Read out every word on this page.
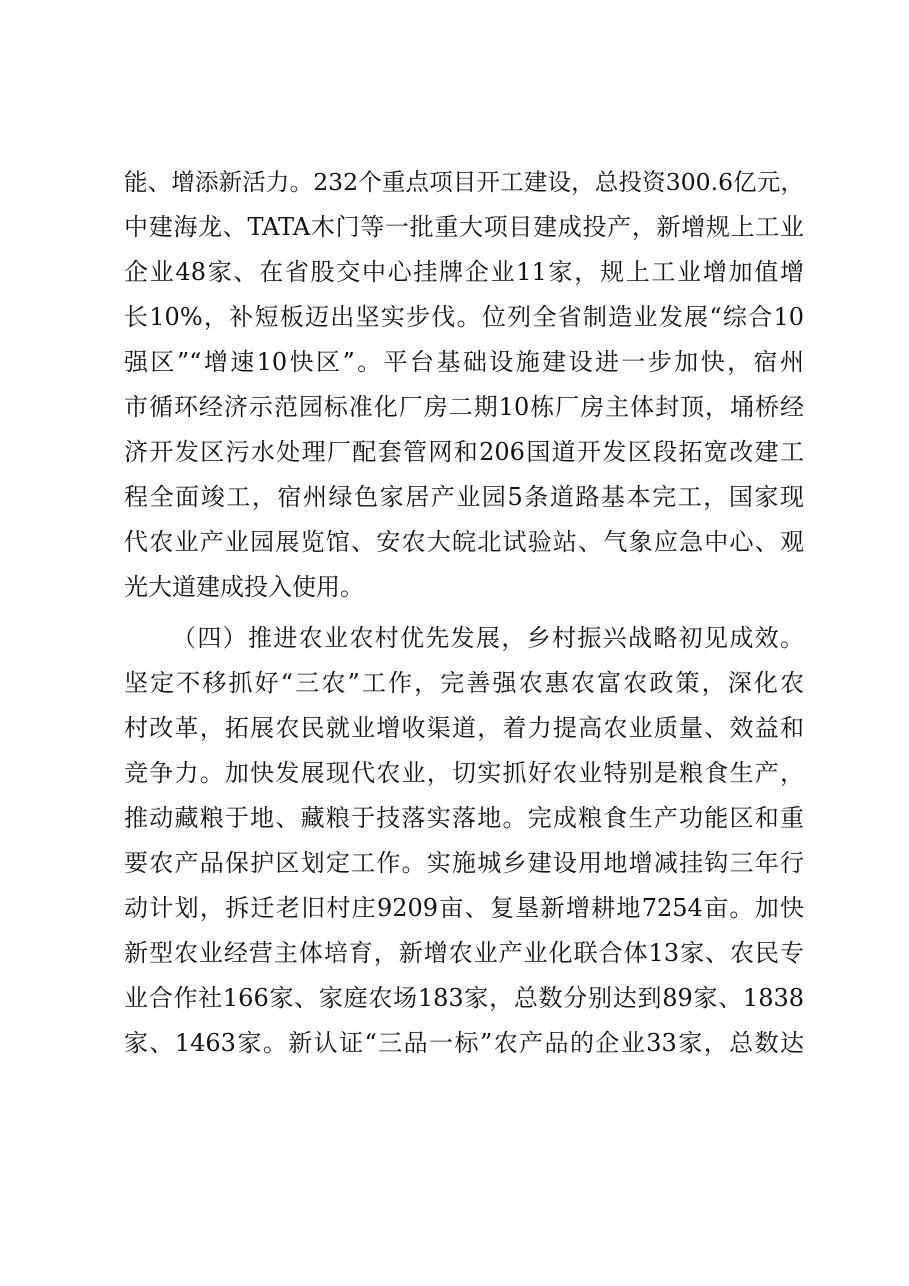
能、增添新活力。232个重点项目开工建设，总投资300.6亿元，
中建海龙、TATA木门等一批重大项目建成投产，新增规上工业
企业48家、在省股交中心挂牌企业11家，规上工业增加值增
长10%，补短板迈出坚实步伐。位列全省制造业发展“综合10
强区”“增速10快区”。平台基础设施建设进一步加快，宿州
市循环经济示范园标准化厂房二期10栋厂房主体封顶，埇桥经
济开发区污水处理厂配套管网和206国道开发区段拓宽改建工
程全面竣工，宿州绿色家居产业园5条道路基本完工，国家现
代农业产业园展览馆、安农大皖北试验站、气象应急中心、观
光大道建成投入使用。
（四）推进农业农村优先发展，乡村振兴战略初见成效。
坚定不移抓好“三农”工作，完善强农惠农富农政策，深化农
村改革，拓展农民就业增收渠道，着力提高农业质量、效益和
竞争力。加快发展现代农业，切实抓好农业特别是粮食生产，
推动藏粮于地、藏粮于技落实落地。完成粮食生产功能区和重
要农产品保护区划定工作。实施城乡建设用地增减挂钩三年行
动计划，拆迁老旧村庄9209亩、复垦新增耕地7254亩。加快
新型农业经营主体培育，新增农业产业化联合体13家、农民专
业合作社166家、家庭农场183家，总数分别达到89家、1838
家、1463家。新认证“三品一标”农产品的企业33家，总数达
